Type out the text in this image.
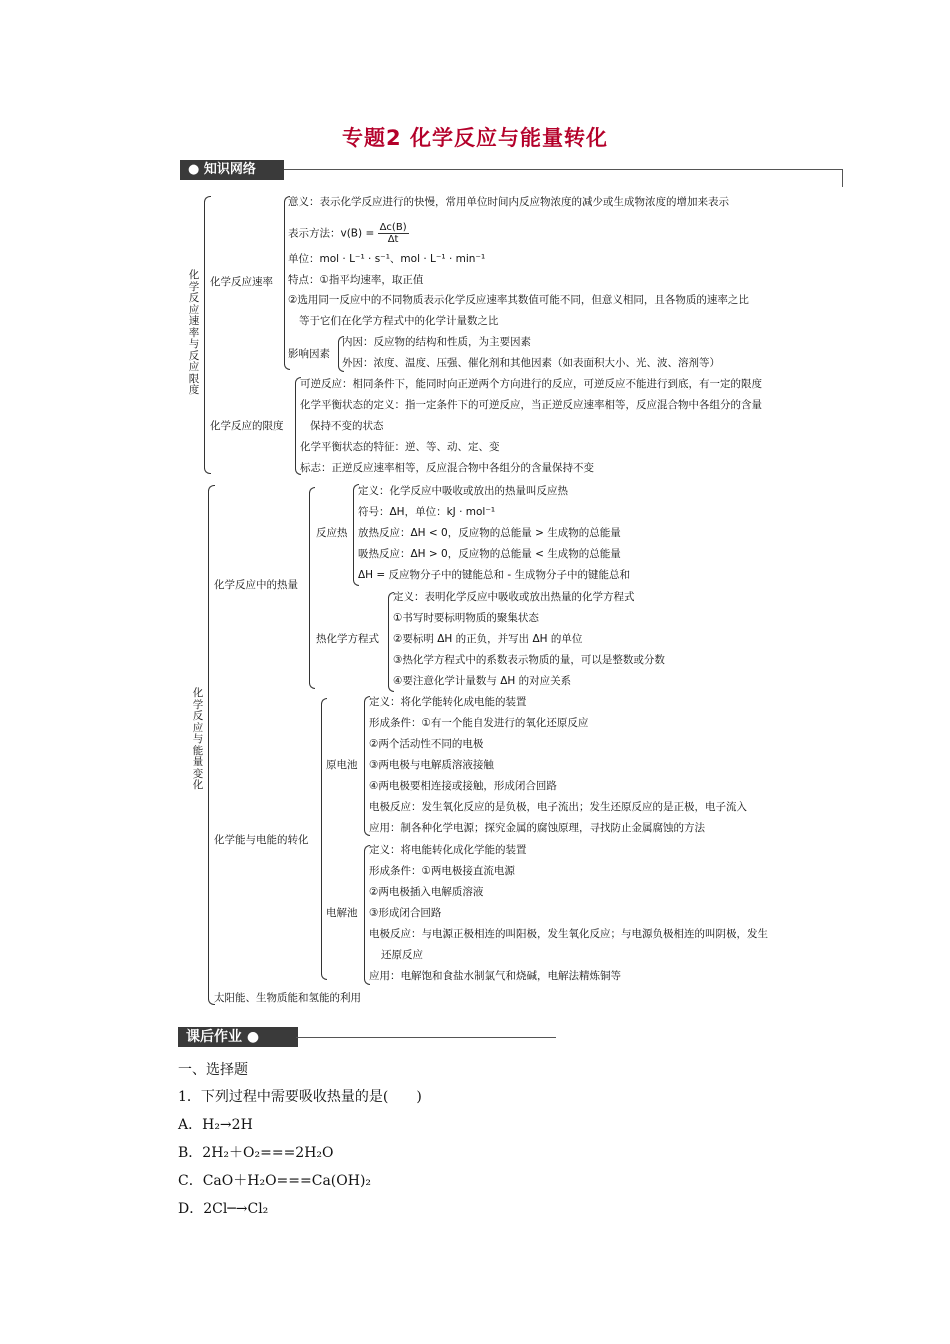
专题2 化学反应与能量转化
● 知识网络
化学反应速率与反应限度
化学反应速率
意义：表示化学反应进行的快慢，常用单位时间内反应物浓度的减少或生成物浓度的增加来表示
表示方法：$v(B) = \frac{\Delta c(B)}{\Delta t}$
单位：mol · L⁻¹ · s⁻¹、mol · L⁻¹ · min⁻¹
特点：①指平均速率，取正值
②选用同一反应中的不同物质表示化学反应速率其数值可能不同，但意义相同，且各物质的速率之比
等于它们在化学方程式中的化学计量数之比
影响因素
内因：反应物的结构和性质，为主要因素
外因：浓度、温度、压强、催化剂和其他因素（如表面积大小、光、波、溶剂等）
化学反应的限度
可逆反应：相同条件下，能同时向正逆两个方向进行的反应，可逆反应不能进行到底，有一定的限度
化学平衡状态的定义：指一定条件下的可逆反应，当正逆反应速率相等，反应混合物中各组分的含量
保持不变的状态
化学平衡状态的特征：逆、等、动、定、变
标志：正逆反应速率相等，反应混合物中各组分的含量保持不变
化学反应与能量变化
化学反应中的热量
反应热
定义：化学反应中吸收或放出的热量叫反应热
符号：ΔH，单位：kJ · mol⁻¹
放热反应：ΔH < 0，反应物的总能量 > 生成物的总能量
吸热反应：ΔH > 0，反应物的总能量 < 生成物的总能量
ΔH = 反应物分子中的键能总和 - 生成物分子中的键能总和
热化学方程式
定义：表明化学反应中吸收或放出热量的化学方程式
①书写时要标明物质的聚集状态
②要标明 ΔH 的正负，并写出 ΔH 的单位
③热化学方程式中的系数表示物质的量，可以是整数或分数
④要注意化学计量数与 ΔH 的对应关系
化学能与电能的转化
原电池
定义：将化学能转化成电能的装置
形成条件：①有一个能自发进行的氧化还原反应
②两个活动性不同的电极
③两电极与电解质溶液接触
④两电极要相连接或接触，形成闭合回路
电极反应：发生氧化反应的是负极，电子流出；发生还原反应的是正极，电子流入
应用：制各种化学电源；探究金属的腐蚀原理，寻找防止金属腐蚀的方法
电解池
定义：将电能转化成化学能的装置
形成条件：①两电极接直流电源
②两电极插入电解质溶液
③形成闭合回路
电极反应：与电源正极相连的叫阳极，发生氧化反应；与电源负极相连的叫阴极，发生
还原反应
应用：电解饱和食盐水制氯气和烧碱，电解法精炼铜等
太阳能、生物质能和氢能的利用
课后作业 ●
一、选择题
1．下列过程中需要吸收热量的是(　　)
A．H₂→2H
B．2H₂＋O₂===2H₂O
C．CaO＋H₂O===Ca(OH)₂
D．2Cl─→Cl₂
